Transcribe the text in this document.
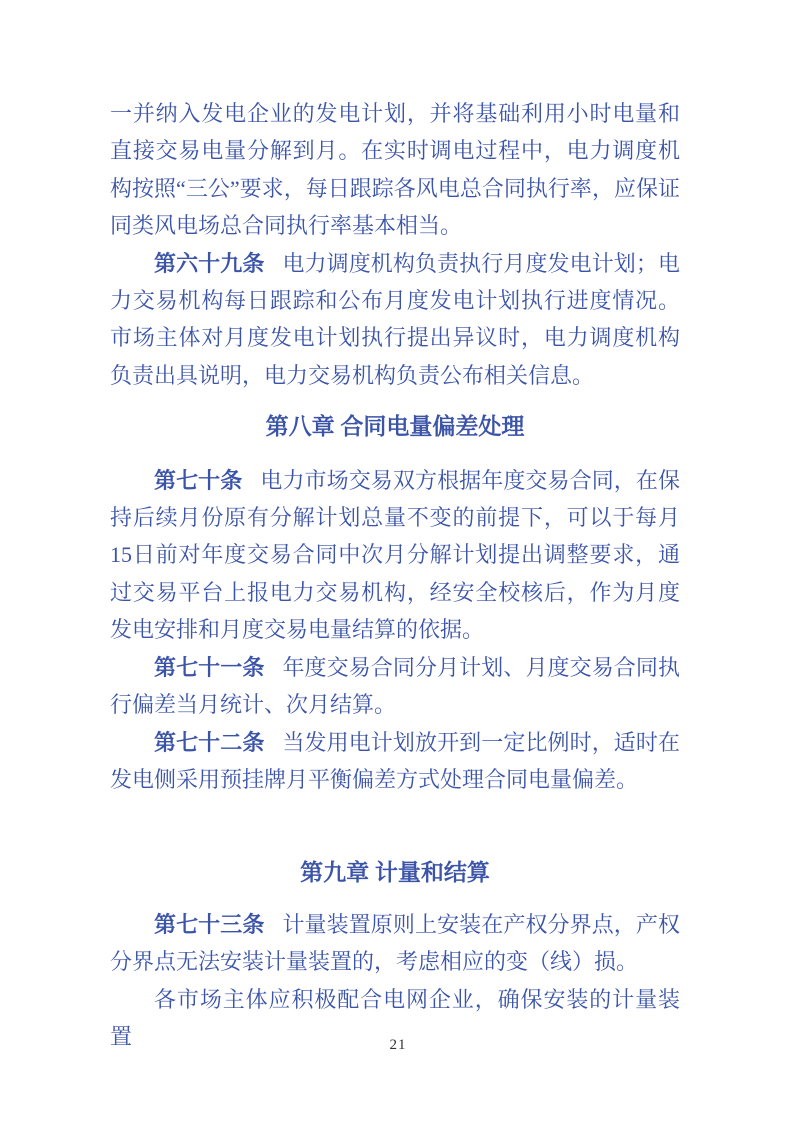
一并纳入发电企业的发电计划，并将基础利用小时电量和直接交易电量分解到月。在实时调电过程中，电力调度机构按照“三公”要求，每日跟踪各风电总合同执行率，应保证同类风电场总合同执行率基本相当。

第六十九条 电力调度机构负责执行月度发电计划；电力交易机构每日跟踪和公布月度发电计划执行进度情况。市场主体对月度发电计划执行提出异议时，电力调度机构负责出具说明，电力交易机构负责公布相关信息。

第八章 合同电量偏差处理

第七十条 电力市场交易双方根据年度交易合同，在保持后续月份原有分解计划总量不变的前提下，可以于每月 15日前对年度交易合同中次月分解计划提出调整要求，通过交易平台上报电力交易机构，经安全校核后，作为月度发电安排和月度交易电量结算的依据。

第七十一条 年度交易合同分月计划、月度交易合同执行偏差当月统计、次月结算。

第七十二条 当发用电计划放开到一定比例时，适时在发电侧采用预挂牌月平衡偏差方式处理合同电量偏差。

第九章 计量和结算

第七十三条 计量装置原则上安装在产权分界点，产权分界点无法安装计量装置的，考虑相应的变（线）损。

各市场主体应积极配合电网企业，确保安装的计量装置	21
